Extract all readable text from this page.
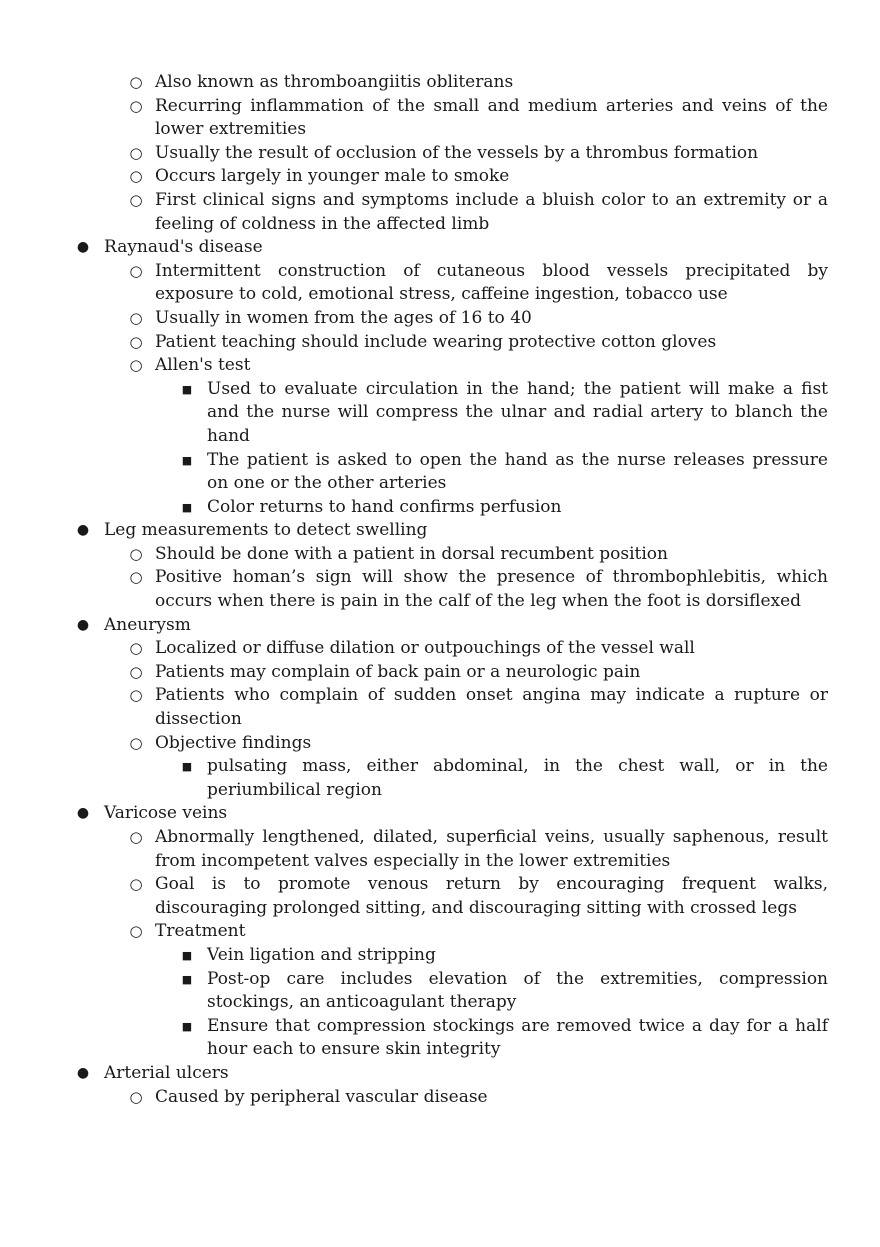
○ Also known as thromboangiitis obliterans
○ Recurring inflammation of the small and medium arteries and veins of the lower extremities
○ Usually the result of occlusion of the vessels by a thrombus formation
○ Occurs largely in younger male to smoke
○ First clinical signs and symptoms include a bluish color to an extremity or a feeling of coldness in the affected limb
● Raynaud's disease
○ Intermittent construction of cutaneous blood vessels precipitated by exposure to cold, emotional stress, caffeine ingestion, tobacco use
○ Usually in women from the ages of 16 to 40
○ Patient teaching should include wearing protective cotton gloves
○ Allen's test
■ Used to evaluate circulation in the hand; the patient will make a fist and the nurse will compress the ulnar and radial artery to blanch the hand
■ The patient is asked to open the hand as the nurse releases pressure on one or the other arteries
■ Color returns to hand confirms perfusion
● Leg measurements to detect swelling
○ Should be done with a patient in dorsal recumbent position
○ Positive homan’s sign will show the presence of thrombophlebitis, which occurs when there is pain in the calf of the leg when the foot is dorsiflexed
● Aneurysm
○ Localized or diffuse dilation or outpouchings of the vessel wall
○ Patients may complain of back pain or a neurologic pain
○ Patients who complain of sudden onset angina may indicate a rupture or dissection
○ Objective findings
■ pulsating mass, either abdominal, in the chest wall, or in the periumbilical region
● Varicose veins
○ Abnormally lengthened, dilated, superficial veins, usually saphenous, result from incompetent valves especially in the lower extremities
○ Goal is to promote venous return by encouraging frequent walks, discouraging prolonged sitting, and discouraging sitting with crossed legs
○ Treatment
■ Vein ligation and stripping
■ Post-op care includes elevation of the extremities, compression stockings, an anticoagulant therapy
■ Ensure that compression stockings are removed twice a day for a half hour each to ensure skin integrity
● Arterial ulcers
○ Caused by peripheral vascular disease
